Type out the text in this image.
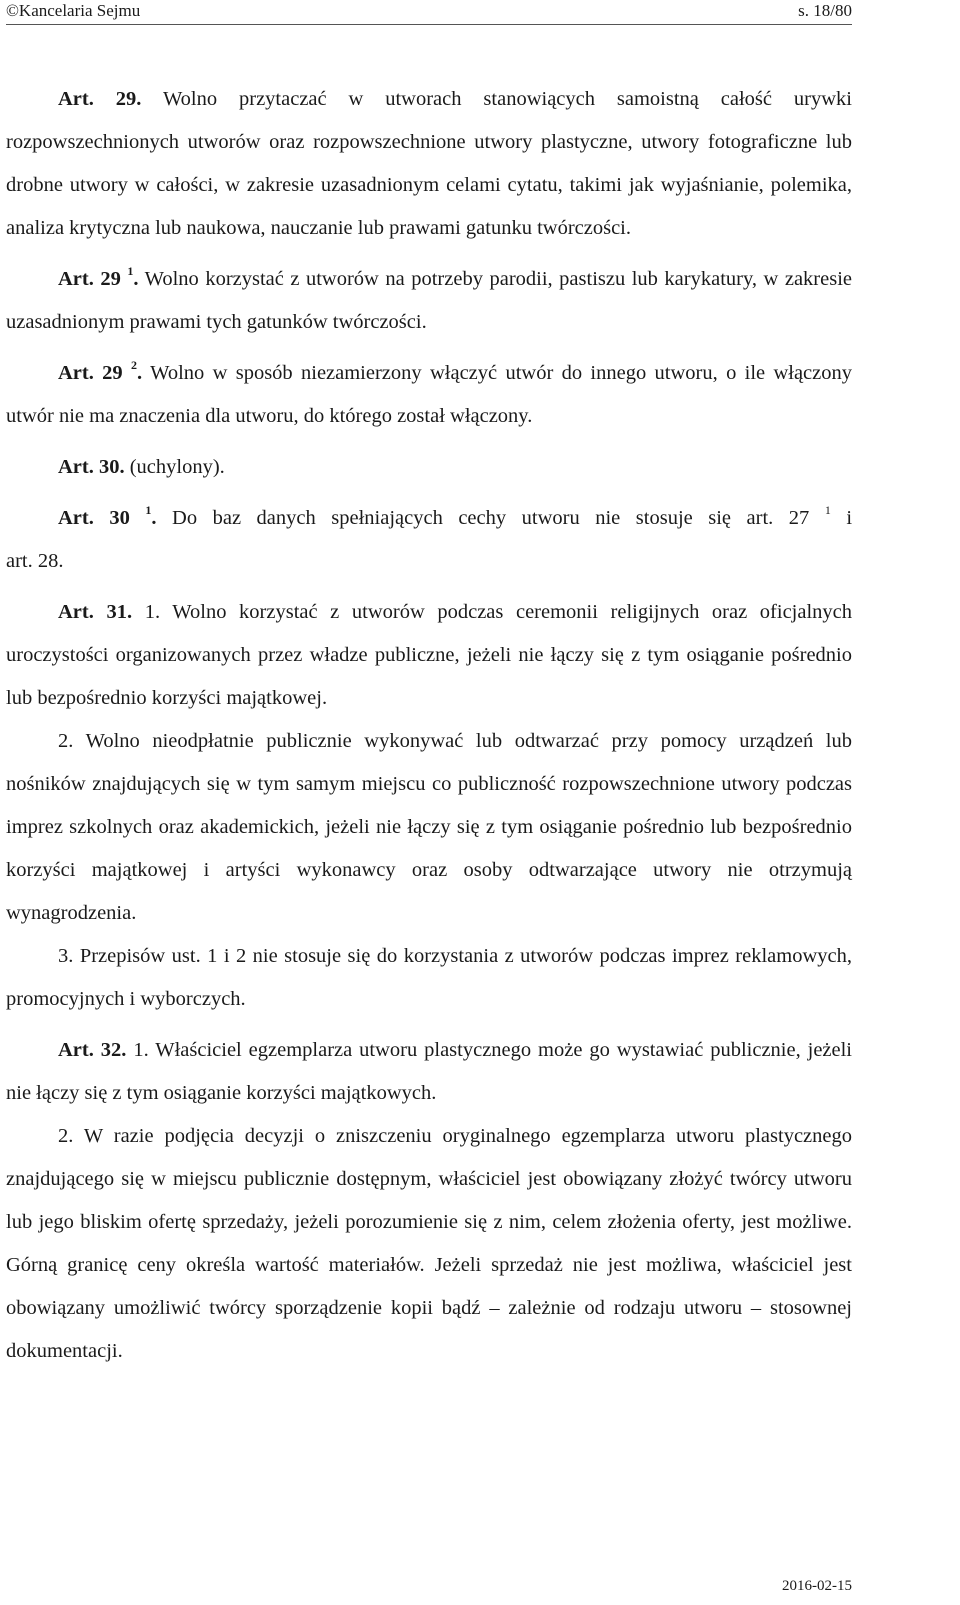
©Kancelaria Sejmu	s. 18/80

Art. 29. Wolno przytaczać w utworach stanowiących samoistną całość urywki rozpowszechnionych utworów oraz rozpowszechnione utwory plastyczne, utwory fotograficzne lub drobne utwory w całości, w zakresie uzasadnionym celami cytatu, takimi jak wyjaśnianie, polemika, analiza krytyczna lub naukowa, nauczanie lub prawami gatunku twórczości.

Art. 29 $^1$. Wolno korzystać z utworów na potrzeby parodii, pastiszu lub karykatury, w zakresie uzasadnionym prawami tych gatunków twórczości.

Art. 29 $^2$. Wolno w sposób niezamierzony włączyć utwór do innego utworu, o ile włączony utwór nie ma znaczenia dla utworu, do którego został włączony.

Art. 30. (uchylony).

Art. 30 $^1$. Do baz danych spełniających cechy utworu nie stosuje się art. 27 $^1$ i

art. 28.

Art. 31. 1. Wolno korzystać z utworów podczas ceremonii religijnych oraz oficjalnych uroczystości organizowanych przez władze publiczne, jeżeli nie łączy się z tym osiąganie pośrednio lub bezpośrednio korzyści majątkowej.

2. Wolno nieodpłatnie publicznie wykonywać lub odtwarzać przy pomocy urządzeń lub nośników znajdujących się w tym samym miejscu co publiczność rozpowszechnione utwory podczas imprez szkolnych oraz akademickich, jeżeli nie łączy się z tym osiąganie pośrednio lub bezpośrednio korzyści majątkowej i artyści wykonawcy oraz osoby odtwarzające utwory nie otrzymują wynagrodzenia.

3. Przepisów ust. 1 i 2 nie stosuje się do korzystania z utworów podczas imprez reklamowych, promocyjnych i wyborczych.

Art. 32. 1. Właściciel egzemplarza utworu plastycznego może go wystawiać publicznie, jeżeli nie łączy się z tym osiąganie korzyści majątkowych.

2. W razie podjęcia decyzji o zniszczeniu oryginalnego egzemplarza utworu plastycznego znajdującego się w miejscu publicznie dostępnym, właściciel jest obowiązany złożyć twórcy utworu lub jego bliskim ofertę sprzedaży, jeżeli porozumienie się z nim, celem złożenia oferty, jest możliwe. Górną granicę ceny określa wartość materiałów. Jeżeli sprzedaż nie jest możliwa, właściciel jest obowiązany umożliwić twórcy sporządzenie kopii bądź – zależnie od rodzaju utworu – stosownej dokumentacji.

2016-02-15
